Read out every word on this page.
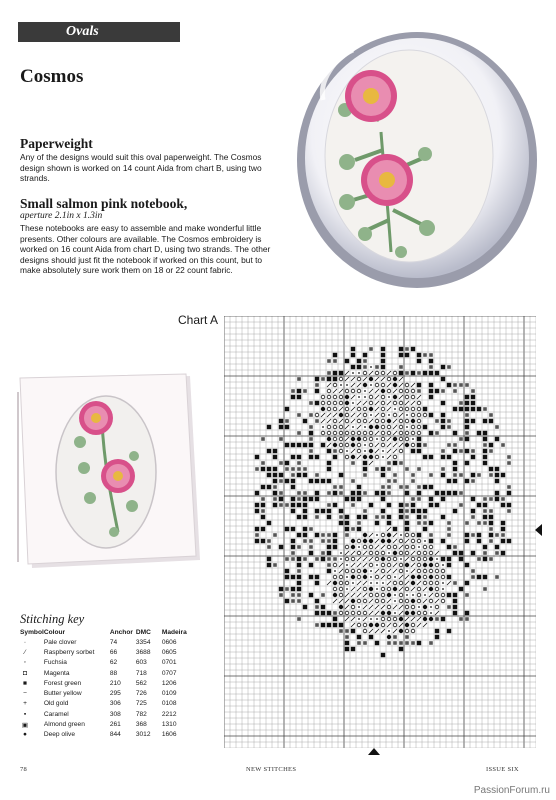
Ovals
Cosmos
Paperweight
Any of the designs would suit this oval paperweight. The Cosmos design shown is worked on 14 count Aida from chart B, using two strands.
Small salmon pink notebook,
aperture 2.1in x 1.3in
These notebooks are easy to assemble and make wonderful little presents. Other colours are available. The Cosmos embroidery is worked on 16 count Aida from chart D, using two strands. The other designs should just fit the notebook if worked on this count, but to make absolutely sure work them on 18 or 22 count fabric.
Chart A
Stitching key
Symbol	Colour	Anchor	DMC	Madeira
∙	Pale clover	74	3354	0606
∕	Raspberry sorbet	66	3688	0605
◦	Fuchsia	62	603	0701
◘	Magenta	88	718	0707
■	Forest green	210	562	1206
−	Butter yellow	295	726	0109
+	Old gold	306	725	0108
▪	Caramel	308	782	2212
▣	Almond green	261	368	1310
●	Deep olive	844	3012	1606
78	NEW STITCHES	ISSUE SIX
PassionForum.ru
